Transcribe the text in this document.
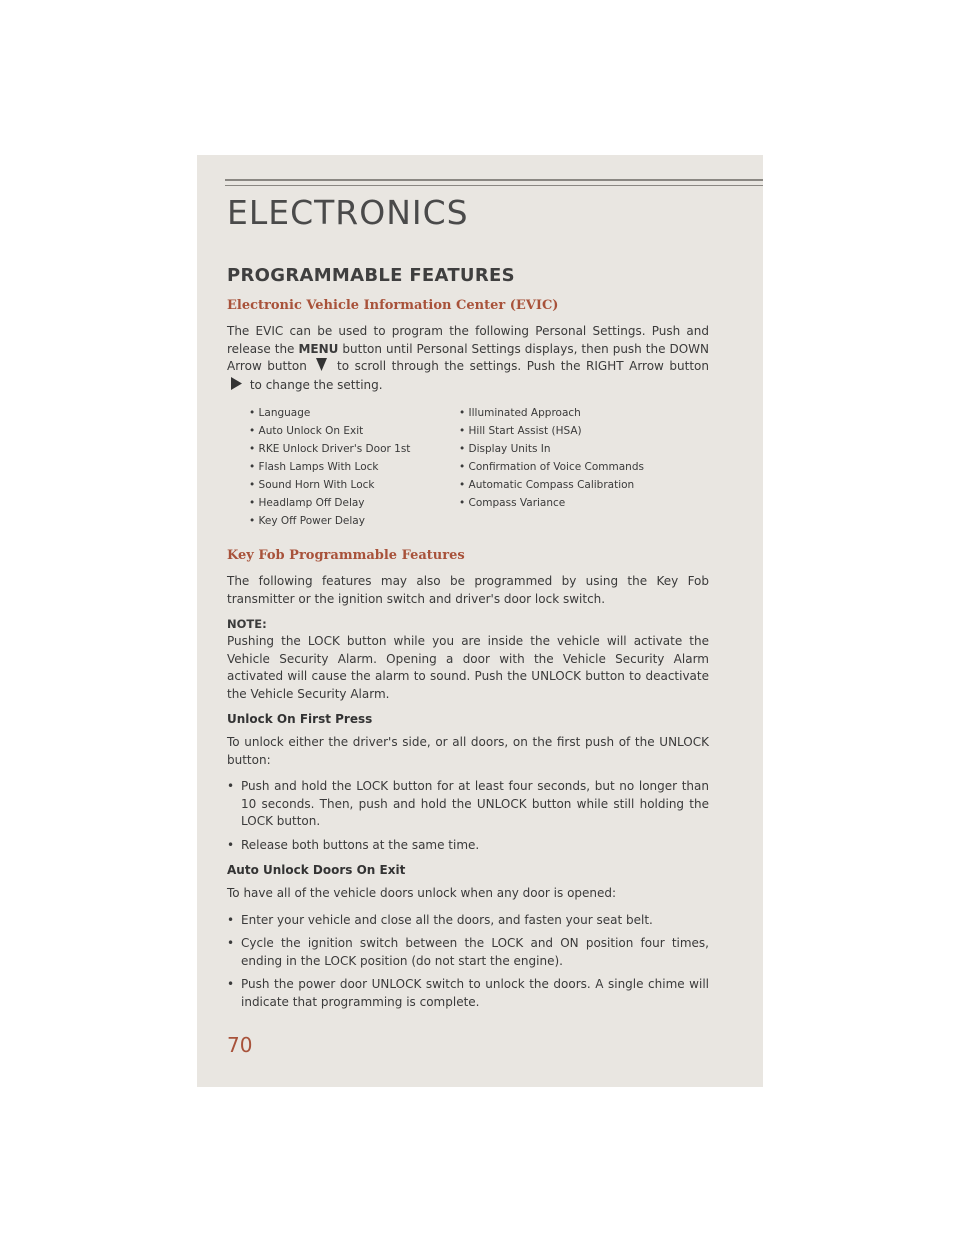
ELECTRONICS
PROGRAMMABLE FEATURES
Electronic Vehicle Information Center (EVIC)

The EVIC can be used to program the following Personal Settings. Push and release the MENU button until Personal Settings displays, then push the DOWN Arrow button	to scroll through the settings. Push the RIGHT Arrow button  to change the setting.

• Language
• Auto Unlock On Exit
• RKE Unlock Driver's Door 1st
• Flash Lamps With Lock
• Sound Horn With Lock
• Headlamp Off Delay
• Key Off Power Delay
• Illuminated Approach
• Hill Start Assist (HSA)
• Display Units In
• Confirmation of Voice Commands
• Automatic Compass Calibration
• Compass Variance
Key Fob Programmable Features

The following features may also be programmed by using the Key Fob transmitter or the ignition switch and driver's door lock switch.

NOTE:

Pushing the LOCK button while you are inside the vehicle will activate the Vehicle Security Alarm. Opening a door with the Vehicle Security Alarm activated will cause the alarm to sound. Push the UNLOCK button to deactivate the Vehicle Security Alarm.

Unlock On First Press

To unlock either the driver's side, or all doors, on the first push of the UNLOCK button:

• Push and hold the LOCK button for at least four seconds, but no longer than 10 seconds. Then, push and hold the UNLOCK button while still holding the LOCK button.
• Release both buttons at the same time.
Auto Unlock Doors On Exit

To have all of the vehicle doors unlock when any door is opened:

• Enter your vehicle and close all the doors, and fasten your seat belt.
• Cycle the ignition switch between the LOCK and ON position four times, ending in the LOCK position (do not start the engine).
• Push the power door UNLOCK switch to unlock the doors. A single chime will indicate that programming is complete.
70
